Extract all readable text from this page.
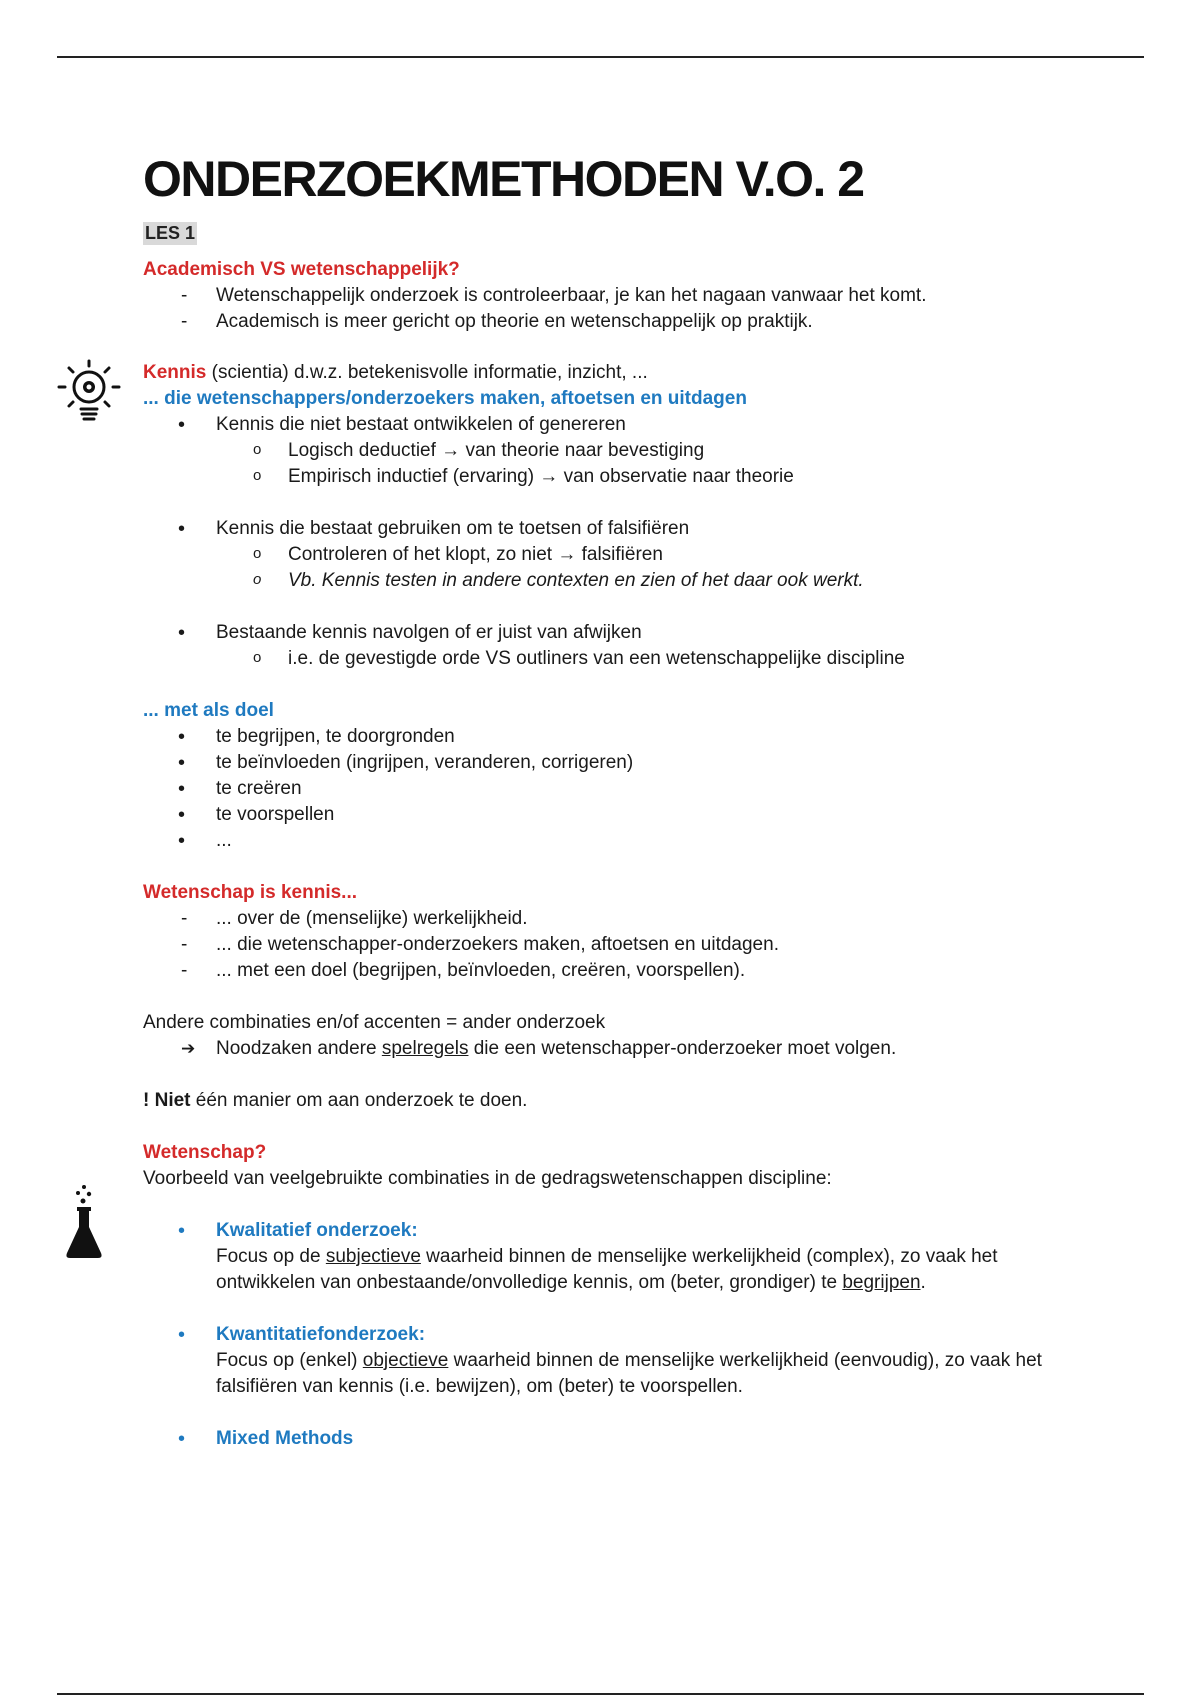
ONDERZOEKMETHODEN V.O. 2
LES 1
Academisch VS wetenschappelijk?
- Wetenschappelijk onderzoek is controleerbaar, je kan het nagaan vanwaar het komt.
- Academisch is meer gericht op theorie en wetenschappelijk op praktijk.

Kennis (scientia) d.w.z. betekenisvolle informatie, inzicht, ...

... die wetenschappers/onderzoekers maken, aftoetsen en uitdagen
• Kennis die niet bestaat ontwikkelen of genereren
o Logisch deductief → van theorie naar bevestiging
o Empirisch inductief (ervaring) → van observatie naar theorie
• Kennis die bestaat gebruiken om te toetsen of falsifiëren
o Controleren of het klopt, zo niet → falsifiëren
o Vb. Kennis testen in andere contexten en zien of het daar ook werkt.
• Bestaande kennis navolgen of er juist van afwijken
o i.e. de gevestigde orde VS outliners van een wetenschappelijke discipline
... met als doel
• te begrijpen, te doorgronden
• te beïnvloeden (ingrijpen, veranderen, corrigeren)
• te creëren
• te voorspellen
• ...
Wetenschap is kennis...
- ... over de (menselijke) werkelijkheid.
- ... die wetenschapper-onderzoekers maken, aftoetsen en uitdagen.
- ... met een doel (begrijpen, beïnvloeden, creëren, voorspellen).

Andere combinaties en/of accenten = ander onderzoek

➔ Noodzaken andere spelregels die een wetenschapper-onderzoeker moet volgen.

! Niet één manier om aan onderzoek te doen.

Wetenschap?

Voorbeeld van veelgebruikte combinaties in de gedragswetenschappen discipline:

• Kwalitatief onderzoek:
Focus op de subjectieve waarheid binnen de menselijke werkelijkheid (complex), zo vaak het ontwikkelen van onbestaande/onvolledige kennis, om (beter, grondiger) te begrijpen.
• Kwantitatiefonderzoek:
Focus op (enkel) objectieve waarheid binnen de menselijke werkelijkheid (eenvoudig), zo vaak het falsifiëren van kennis (i.e. bewijzen), om (beter) te voorspellen.
• Mixed Methods
